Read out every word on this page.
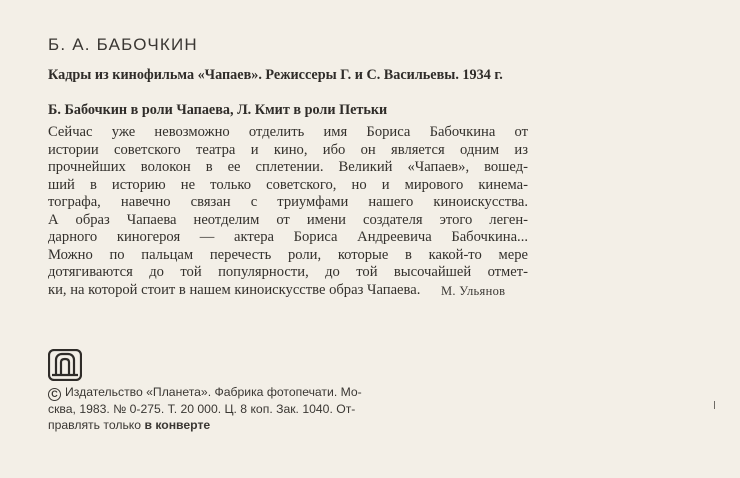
Б. А. БАБОЧКИН
Кадры из кинофильма «Чапаев». Режиссеры Г. и С. Васильевы. 1934 г.
Б. Бабочкин в роли Чапаева, Л. Кмит в роли Петьки
Сейчас уже невозможно отделить имя Бориса Бабочкина от
истории советского театра и кино, ибо он является одним из
прочнейших волокон в ее сплетении. Великий «Чапаев», вошед-
ший в историю не только советского, но и мирового кинема-
тографа, навечно связан с триумфами нашего киноискусства.
А образ Чапаева неотделим от имени создателя этого леген-
дарного киногероя — актера Бориса Андреевича Бабочкина...
Можно по пальцам перечесть роли, которые в какой-то мере
дотягиваются до той популярности, до той высочайшей отмет-
ки, на которой стоит в нашем киноискусстве образ Чапаева.	М. Ульянов
С Издательство «Планета». Фабрика фотопечати. Мо-
сква, 1983. № 0-275. Т. 20 000. Ц. 8 коп. Зак. 1040. От-
правлять только в конверте
